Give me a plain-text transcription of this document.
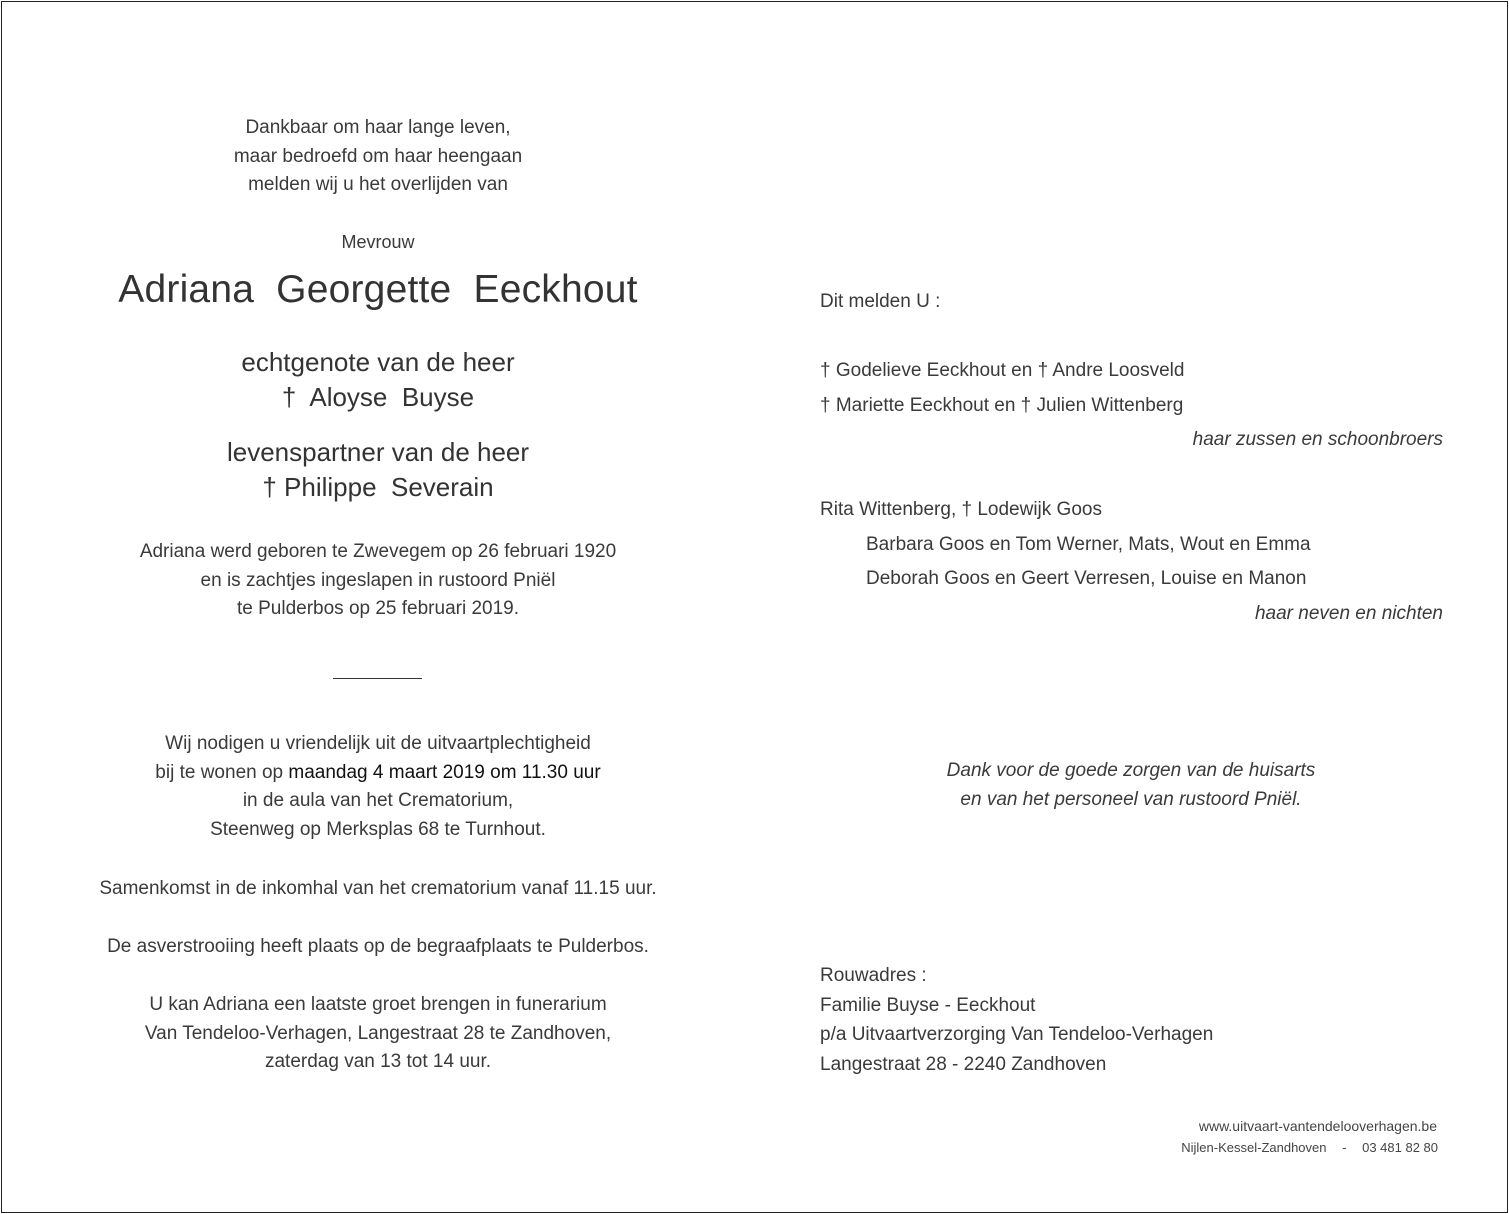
Dankbaar om haar lange leven,
maar bedroefd om haar heengaan
melden wij u het overlijden van
Mevrouw
Adriana  Georgette  Eeckhout
echtgenote van de heer
†  Aloyse  Buyse
levenspartner van de heer
† Philippe  Severain
Adriana werd geboren te Zwevegem op 26 februari 1920
en is zachtjes ingeslapen in rustoord Pniël
te Pulderbos op 25 februari 2019.
Wij nodigen u vriendelijk uit de uitvaartplechtigheid
bij te wonen op maandag 4 maart 2019 om 11.30 uur
in de aula van het Crematorium,
Steenweg op Merksplas 68 te Turnhout.
Samenkomst in de inkomhal van het crematorium vanaf 11.15 uur.
De asverstrooiing heeft plaats op de begraafplaats te Pulderbos.
U kan Adriana een laatste groet brengen in funerarium
Van Tendeloo-Verhagen, Langestraat 28 te Zandhoven,
zaterdag van 13 tot 14 uur.
Dit melden U :
† Godelieve Eeckhout en † Andre Loosveld
† Mariette Eeckhout en † Julien Wittenberg
haar zussen en schoonbroers
Rita Wittenberg, † Lodewijk Goos
Barbara Goos en Tom Werner, Mats, Wout en Emma
Deborah Goos en Geert Verresen, Louise en Manon
haar neven en nichten
Dank voor de goede zorgen van de huisarts
en van het personeel van rustoord Pniël.
Rouwadres :
Familie Buyse - Eeckhout
p/a Uitvaartverzorging Van Tendeloo-Verhagen
Langestraat 28 - 2240 Zandhoven
www.uitvaart-vantendelooverhagen.be
Nijlen-Kessel-Zandhoven - 03 481 82 80
